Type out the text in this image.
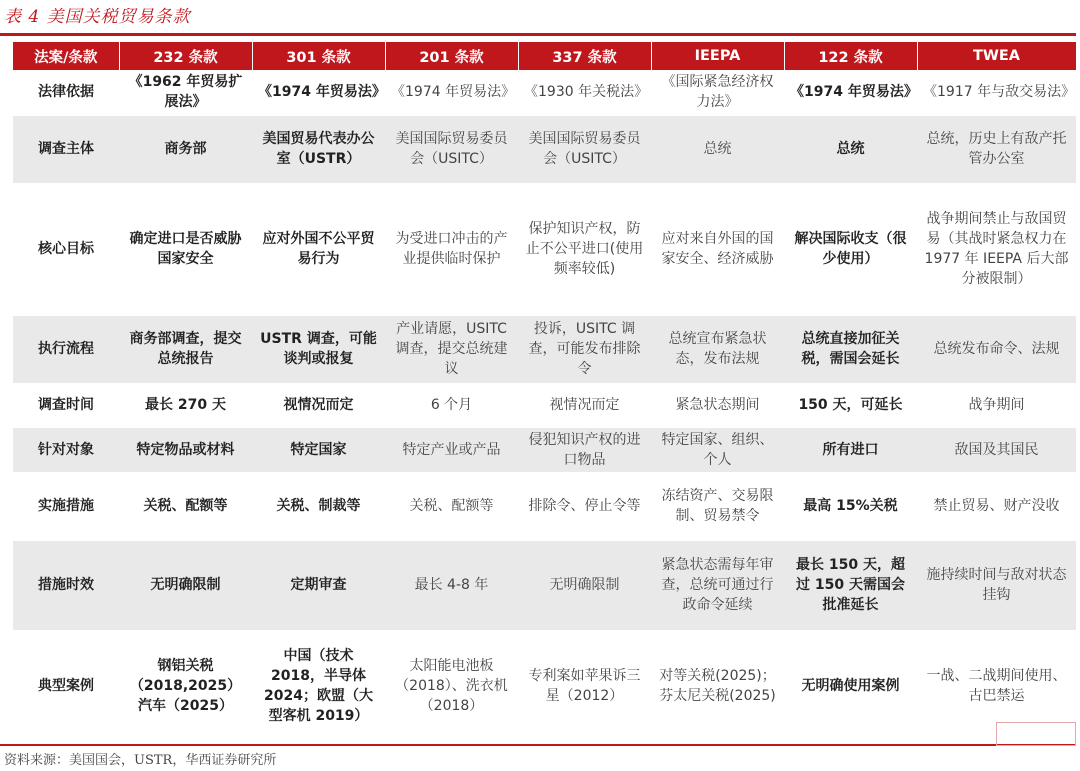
表 4 美国关税贸易条款
法案/条款	232 条款	301 条款	201 条款	337 条款	IEEPA	122 条款	TWEA
法律依据	《1962 年贸易扩展法》	《1974 年贸易法》	《1974 年贸易法》	《1930 年关税法》	《国际紧急经济权力法》	《1974 年贸易法》	《1917 年与敌交易法》
调查主体	商务部	美国贸易代表办公室（USTR）	美国国际贸易委员会（USITC）	美国国际贸易委员会（USITC）	总统	总统	总统，历史上有敌产托管办公室
核心目标	确定进口是否威胁国家安全	应对外国不公平贸易行为	为受进口冲击的产业提供临时保护	保护知识产权，防止不公平进口(使用频率较低)	应对来自外国的国家安全、经济威胁	解决国际收支（很少使用）	战争期间禁止与敌国贸易（其战时紧急权力在 1977 年 IEEPA 后大部分被限制）
执行流程	商务部调查，提交总统报告	USTR 调查，可能谈判或报复	产业请愿，USITC 调查，提交总统建议	投诉，USITC 调查，可能发布排除令	总统宣布紧急状态，发布法规	总统直接加征关税，需国会延长	总统发布命令、法规
调查时间	最长 270 天	视情况而定	6 个月	视情况而定	紧急状态期间	150 天，可延长	战争期间
针对对象	特定物品或材料	特定国家	特定产业或产品	侵犯知识产权的进口物品	特定国家、组织、个人	所有进口	敌国及其国民
实施措施	关税、配额等	关税、制裁等	关税、配额等	排除令、停止令等	冻结资产、交易限制、贸易禁令	最高 15%关税	禁止贸易、财产没收
措施时效	无明确限制	定期审查	最长 4-8 年	无明确限制	紧急状态需每年审查，总统可通过行政命令延续	最长 150 天，超过 150 天需国会批准延长	施持续时间与敌对状态挂钩
典型案例	钢铝关税（2018,2025）汽车（2025）	中国（技术 2018，半导体 2024；欧盟（大型客机 2019）	太阳能电池板（2018）、洗衣机（2018）	专利案如苹果诉三星（2012）	对等关税(2025)；芬太尼关税(2025)	无明确使用案例	一战、二战期间使用、古巴禁运
资料来源：美国国会，USTR，华西证券研究所
